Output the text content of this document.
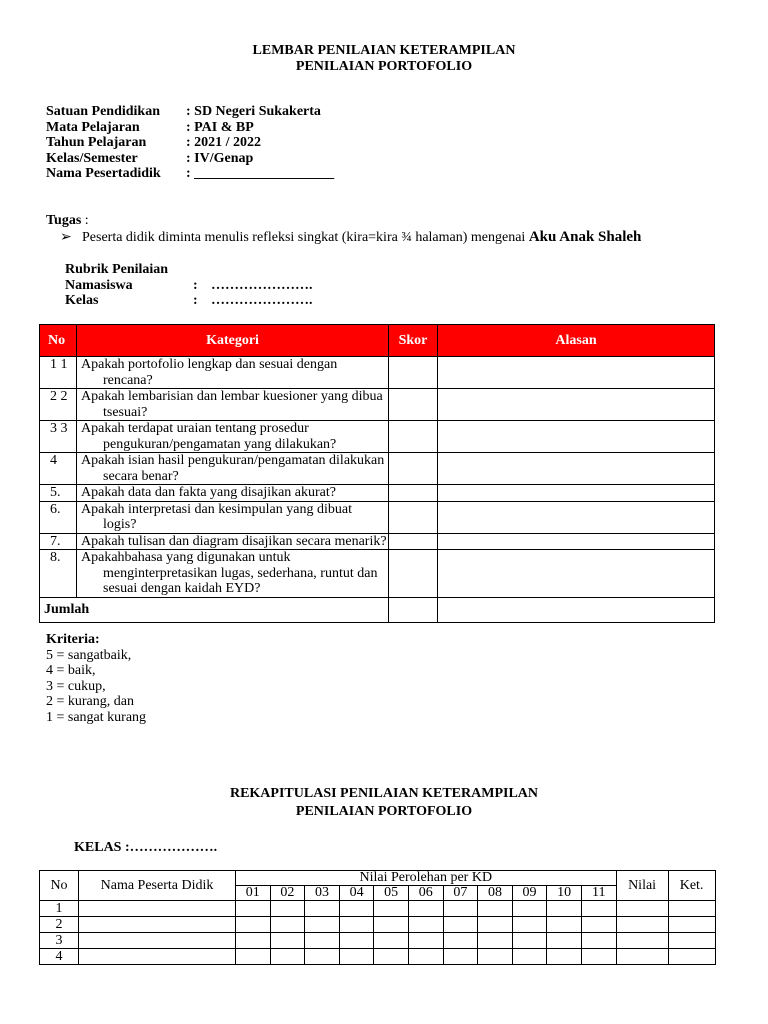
LEMBAR PENILAIAN KETERAMPILAN
PENILAIAN PORTOFOLIO
Satuan Pendidikan	: SD Negeri Sukakerta
Mata Pelajaran	: PAI & BP
Tahun Pelajaran	: 2021 / 2022
Kelas/Semester	: IV/Genap
Nama Pesertadidik	: ____________________
Tugas :
➢ Peserta didik diminta menulis refleksi singkat (kira=kira ¾ halaman) mengenai Aku Anak Shaleh
Rubrik Penilaian
Namasiswa	: ………………….
Kelas	: ………………….
No	Kategori	Skor	Alasan
1 1	Apakah portofolio lengkap dan sesuai dengan rencana?		

2 2	Apakah lembarisian dan lembar kuesioner yang dibua tsesuai?		

3 3	Apakah terdapat uraian tentang prosedur pengukuran/pengamatan yang dilakukan?		

4	Apakah isian hasil pengukuran/pengamatan dilakukan secara benar?		

5.	Apakah data dan fakta yang disajikan akurat?		

6.	Apakah interpretasi dan kesimpulan yang dibuat logis?		

7.	Apakah tulisan dan diagram disajikan secara menarik?		

8.	Apakahbahasa yang digunakan untuk menginterpretasikan lugas, sederhana, runtut dan sesuai dengan kaidah EYD?		

Jumlah			
Kriteria:
5 = sangatbaik,
4 = baik,
3 = cukup,
2 = kurang, dan
1 = sangat kurang
REKAPITULASI PENILAIAN KETERAMPILAN
PENILAIAN PORTOFOLIO
KELAS :……………….
No	Nama Peserta Didik	Nilai Perolehan per KD											Nilai	Ket.
		01	02	03	04	05	06	07	08	09	10	11		
1														
2														
3														
4														
